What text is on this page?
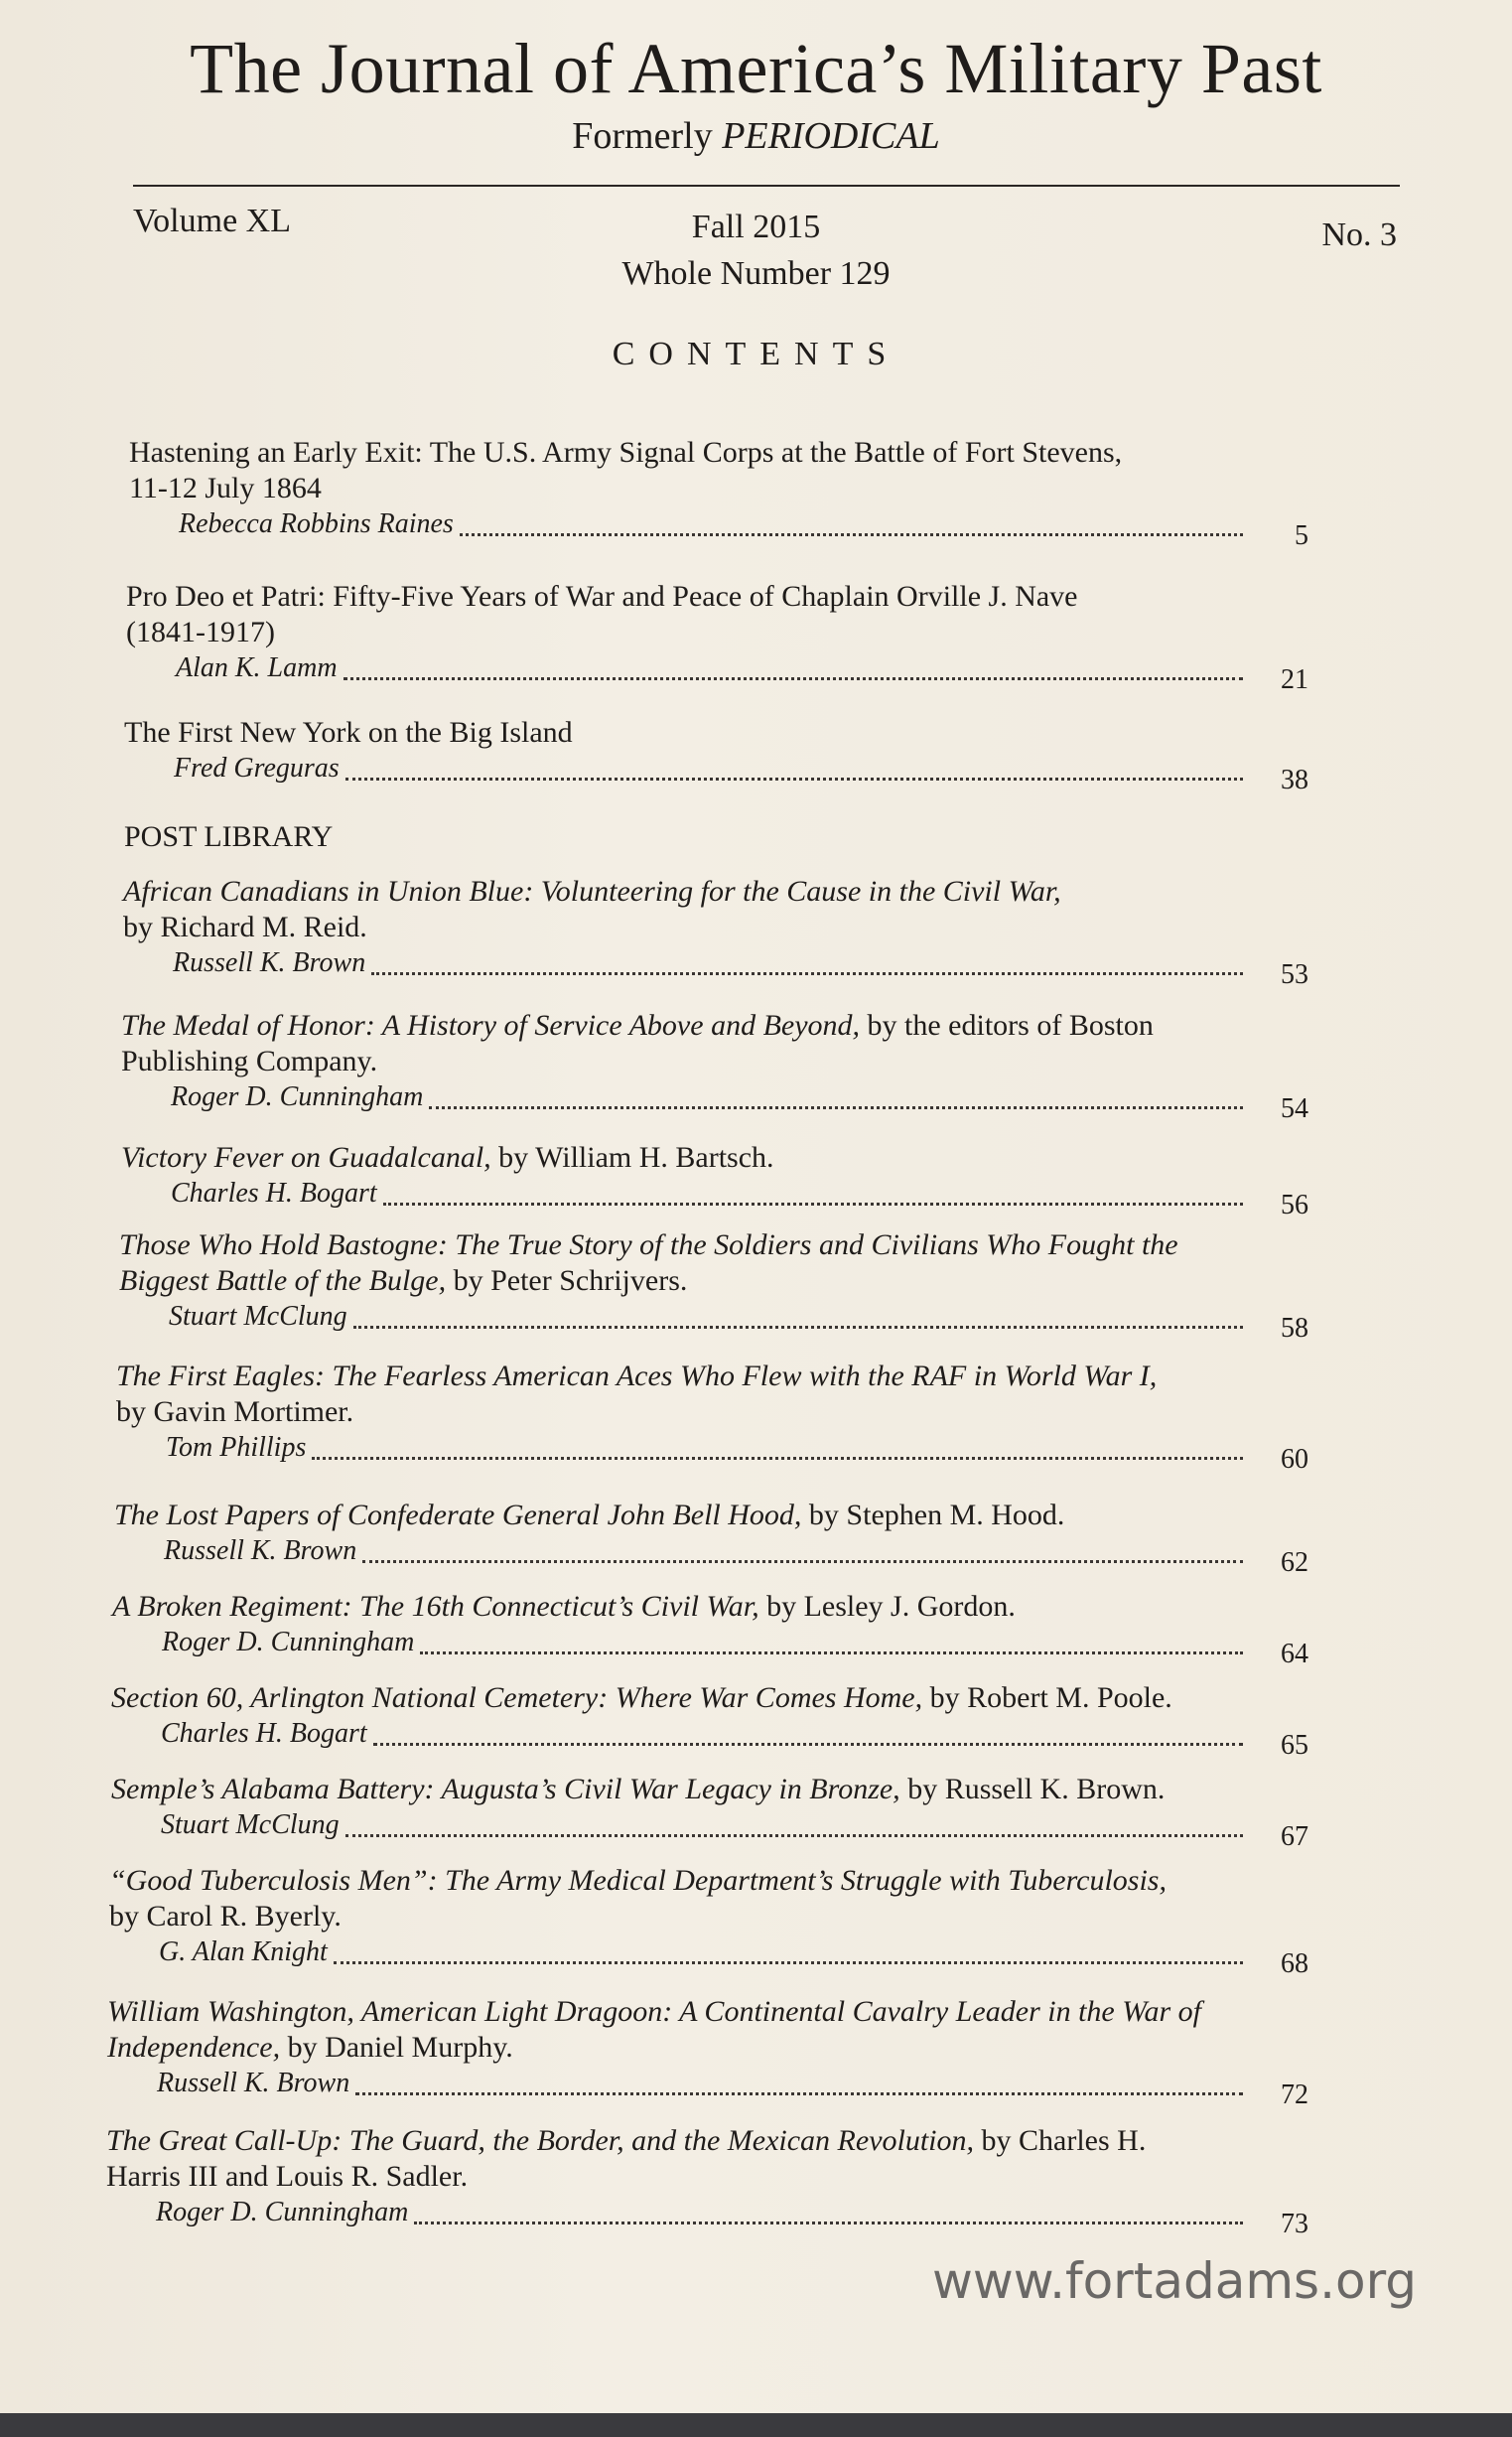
The Journal of America’s Military Past
Formerly PERIODICAL
Volume XL	Fall 2015	No. 3
Whole Number 129
CONTENTS
Hastening an Early Exit: The U.S. Army Signal Corps at the Battle of Fort Stevens,
11-12 July 1864
Rebecca Robbins Raines	5
Pro Deo et Patri: Fifty-Five Years of War and Peace of Chaplain Orville J. Nave
(1841-1917)
Alan K. Lamm	21
The First New York on the Big Island
Fred Greguras	38
POST LIBRARY
African Canadians in Union Blue: Volunteering for the Cause in the Civil War,
by Richard M. Reid.
Russell K. Brown	53
The Medal of Honor: A History of Service Above and Beyond, by the editors of Boston
Publishing Company.
Roger D. Cunningham	54
Victory Fever on Guadalcanal, by William H. Bartsch.
Charles H. Bogart	56
Those Who Hold Bastogne: The True Story of the Soldiers and Civilians Who Fought the
Biggest Battle of the Bulge, by Peter Schrijvers.
Stuart McClung	58
The First Eagles: The Fearless American Aces Who Flew with the RAF in World War I,
by Gavin Mortimer.
Tom Phillips	60
The Lost Papers of Confederate General John Bell Hood, by Stephen M. Hood.
Russell K. Brown	62
A Broken Regiment: The 16th Connecticut’s Civil War, by Lesley J. Gordon.
Roger D. Cunningham	64
Section 60, Arlington National Cemetery: Where War Comes Home, by Robert M. Poole.
Charles H. Bogart	65
Semple’s Alabama Battery: Augusta’s Civil War Legacy in Bronze, by Russell K. Brown.
Stuart McClung	67
“Good Tuberculosis Men”: The Army Medical Department’s Struggle with Tuberculosis,
by Carol R. Byerly.
G. Alan Knight	68
William Washington, American Light Dragoon: A Continental Cavalry Leader in the War of
Independence, by Daniel Murphy.
Russell K. Brown	72
The Great Call-Up: The Guard, the Border, and the Mexican Revolution, by Charles H.
Harris III and Louis R. Sadler.
Roger D. Cunningham	73
www.fortadams.org
